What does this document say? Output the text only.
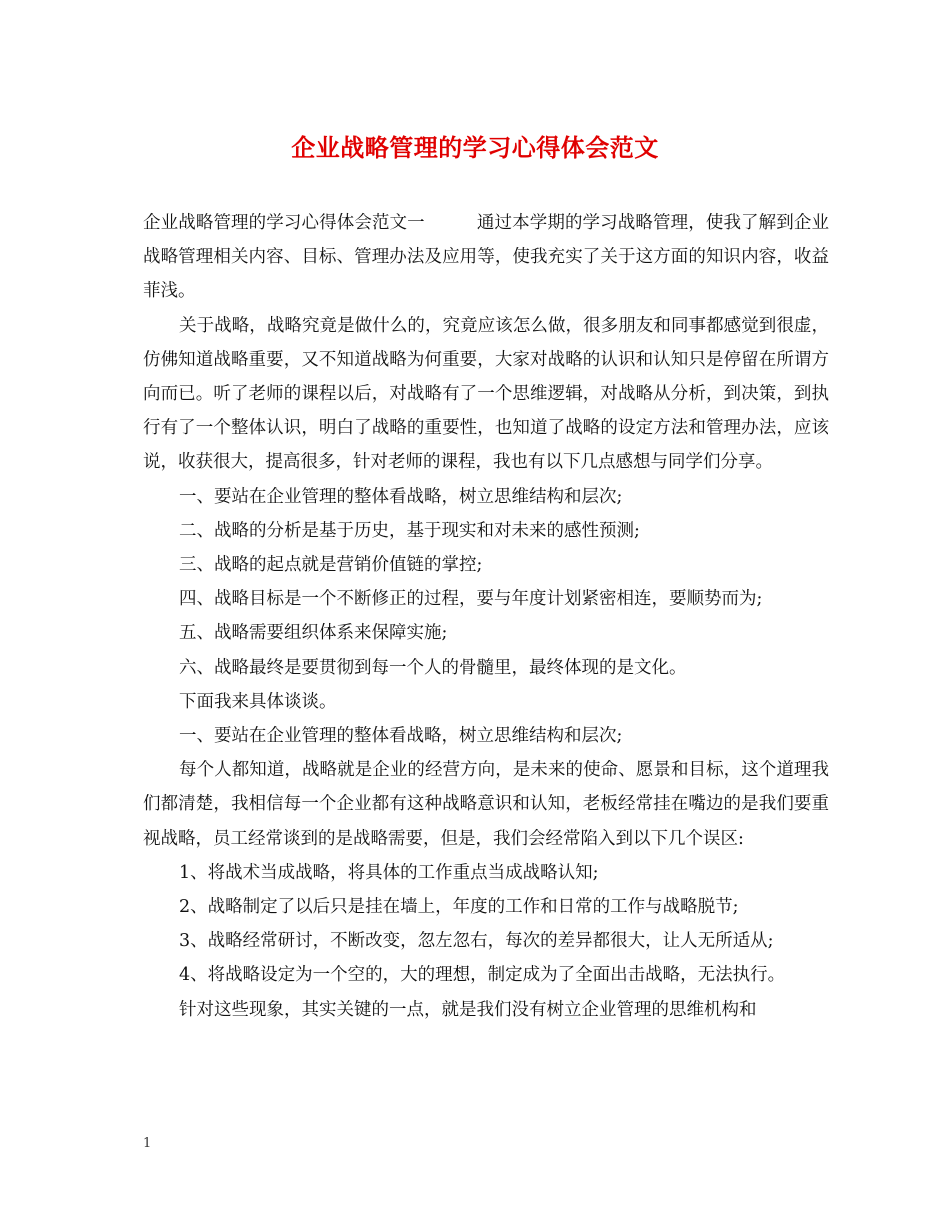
企业战略管理的学习心得体会范文

企业战略管理的学习心得体会范文一	通过本学期的学习战略管理，使我了解到企业战略管理相关内容、目标、管理办法及应用等，使我充实了关于这方面的知识内容，收益菲浅。

关于战略，战略究竟是做什么的，究竟应该怎么做，很多朋友和同事都感觉到很虚，仿佛知道战略重要，又不知道战略为何重要，大家对战略的认识和认知只是停留在所谓方向而已。听了老师的课程以后，对战略有了一个思维逻辑，对战略从分析，到决策，到执行有了一个整体认识，明白了战略的重要性，也知道了战略的设定方法和管理办法，应该说，收获很大，提高很多，针对老师的课程，我也有以下几点感想与同学们分享。

一、要站在企业管理的整体看战略，树立思维结构和层次;

二、战略的分析是基于历史，基于现实和对未来的感性预测;

三、战略的起点就是营销价值链的掌控;

四、战略目标是一个不断修正的过程，要与年度计划紧密相连，要顺势而为;

五、战略需要组织体系来保障实施;

六、战略最终是要贯彻到每一个人的骨髓里，最终体现的是文化。

下面我来具体谈谈。

一、要站在企业管理的整体看战略，树立思维结构和层次;

每个人都知道，战略就是企业的经营方向，是未来的使命、愿景和目标，这个道理我们都清楚，我相信每一个企业都有这种战略意识和认知，老板经常挂在嘴边的是我们要重视战略，员工经常谈到的是战略需要，但是，我们会经常陷入到以下几个误区:

1、将战术当成战略，将具体的工作重点当成战略认知;

2、战略制定了以后只是挂在墙上，年度的工作和日常的工作与战略脱节;

3、战略经常研讨，不断改变，忽左忽右，每次的差异都很大，让人无所适从;

4、将战略设定为一个空的，大的理想，制定成为了全面出击战略，无法执行。

针对这些现象，其实关键的一点，就是我们没有树立企业管理的思维机构和

1
